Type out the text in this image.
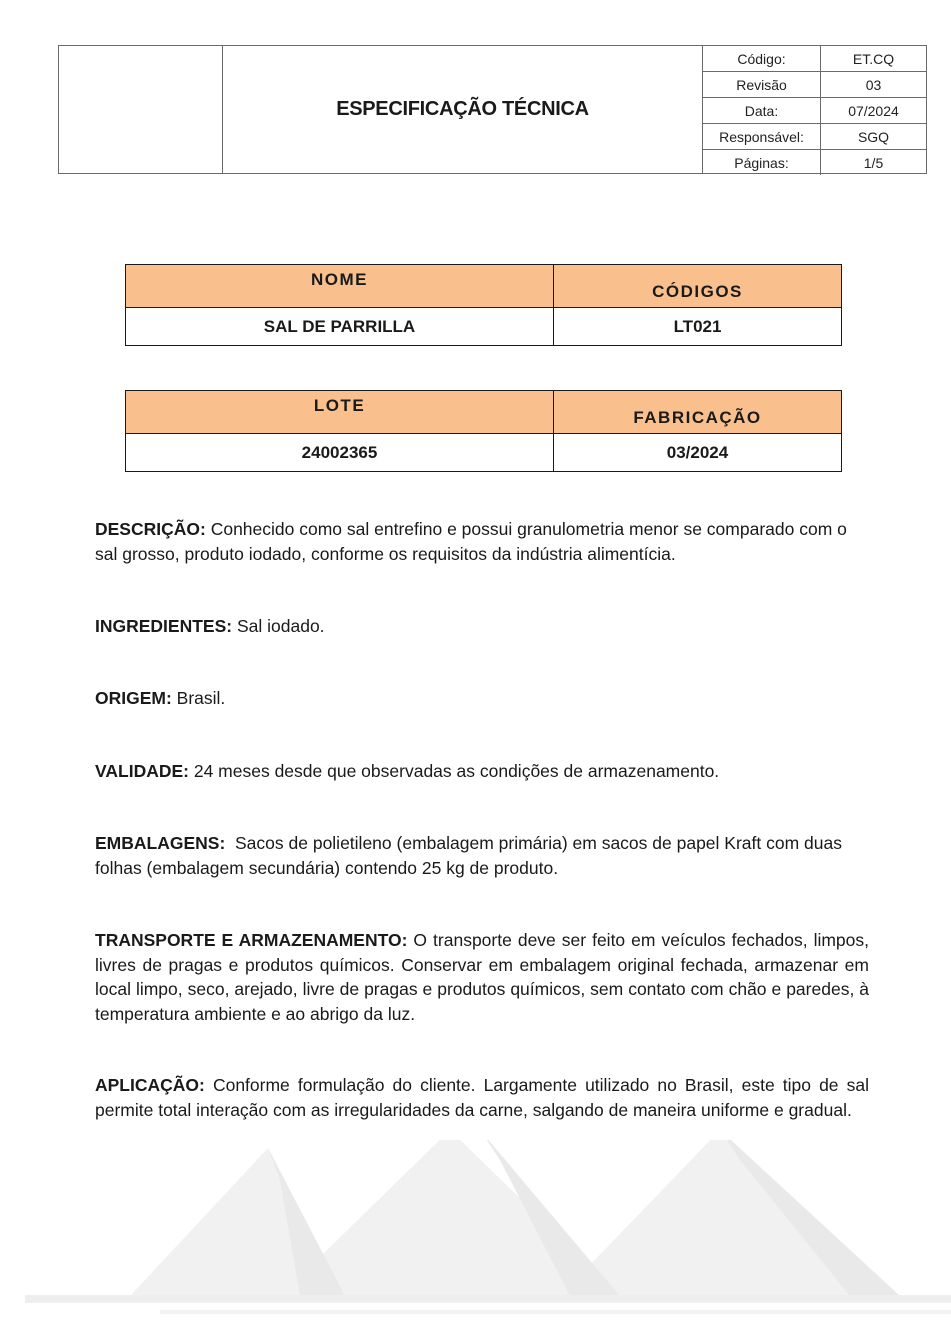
ESPECIFICAÇÃO TÉCNICA
Código:	ET.CQ
Revisão	03
Data:	07/2024
Responsável:	SGQ
Páginas:	1/5
NOME	CÓDIGOS
SAL DE PARRILLA	LT021
LOTE	FABRICAÇÃO
24002365	03/2024
DESCRIÇÃO: Conhecido como sal entrefino e possui granulometria menor se comparado com o sal grosso, produto iodado, conforme os requisitos da indústria alimentícia.
INGREDIENTES: Sal iodado.
ORIGEM: Brasil.
VALIDADE: 24 meses desde que observadas as condições de armazenamento.
EMBALAGENS:  Sacos de polietileno (embalagem primária) em sacos de papel Kraft com duas folhas (embalagem secundária) contendo 25 kg de produto.
TRANSPORTE E ARMAZENAMENTO: O transporte deve ser feito em veículos fechados, limpos, livres de pragas e produtos químicos. Conservar em embalagem original fechada, armazenar em local limpo, seco, arejado, livre de pragas e produtos químicos, sem contato com chão e paredes, à temperatura ambiente e ao abrigo da luz.
APLICAÇÃO: Conforme formulação do cliente. Largamente utilizado no Brasil, este tipo de sal permite total interação com as irregularidades da carne, salgando de maneira uniforme e gradual.
